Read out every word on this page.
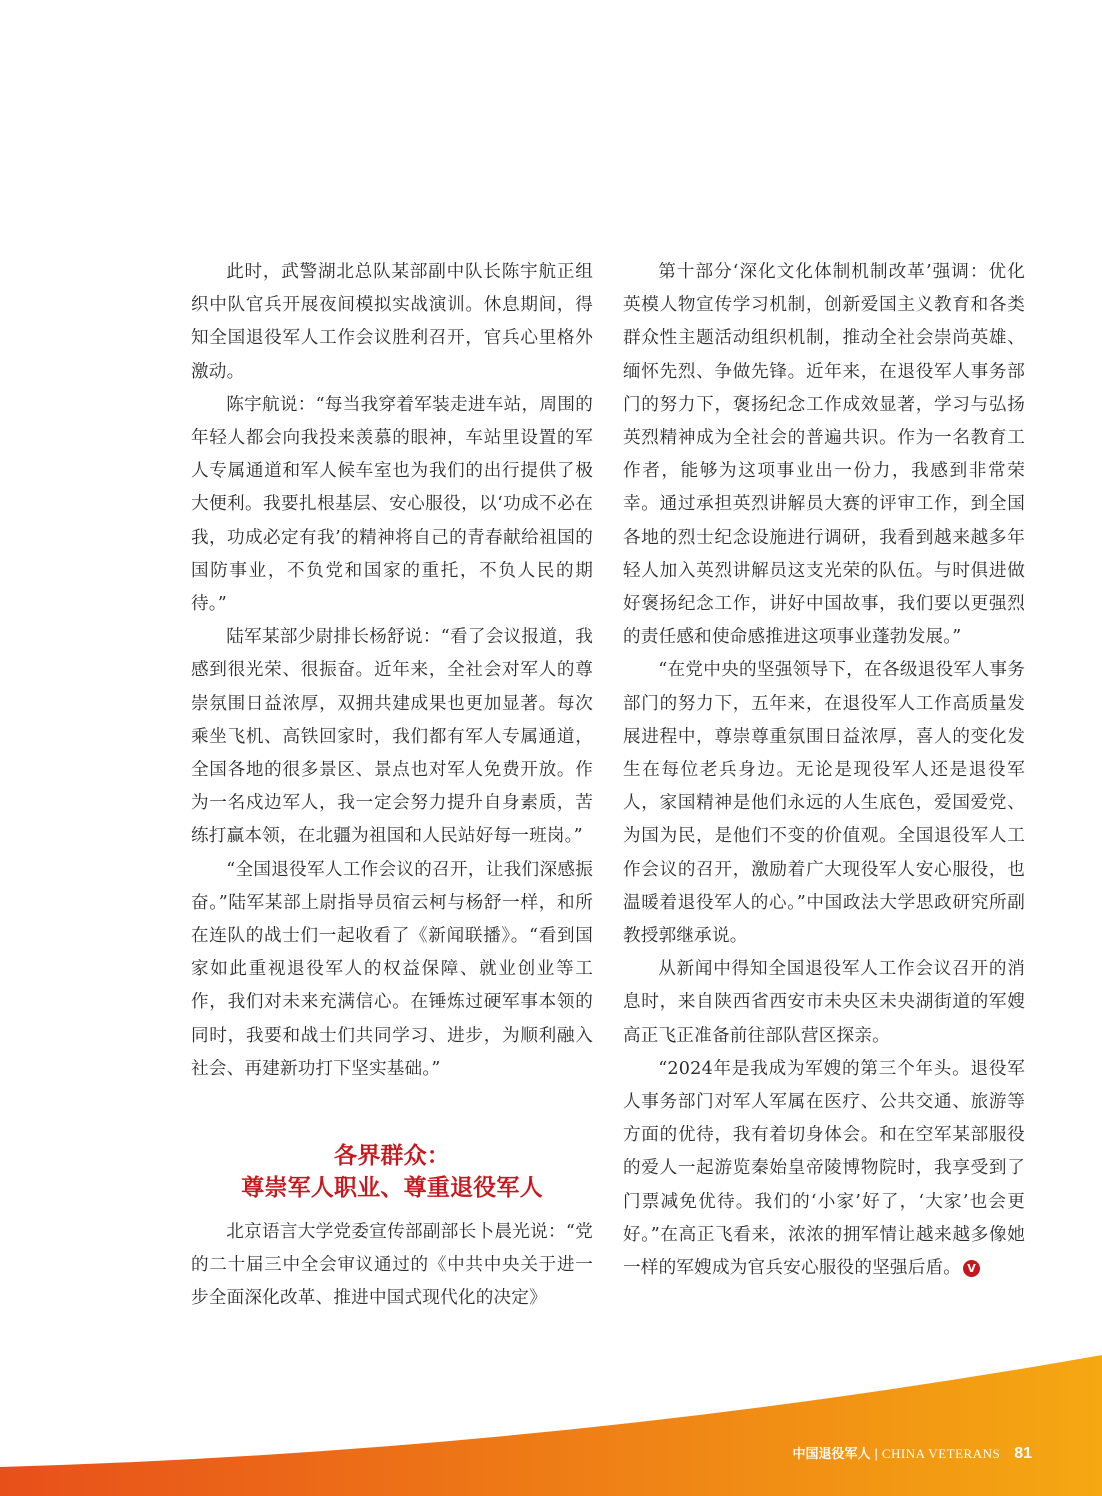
此时，武警湖北总队某部副中队长陈宇航正组织中队官兵开展夜间模拟实战演训。休息期间，得知全国退役军人工作会议胜利召开，官兵心里格外激动。

陈宇航说：“每当我穿着军装走进车站，周围的年轻人都会向我投来羡慕的眼神，车站里设置的军人专属通道和军人候车室也为我们的出行提供了极大便利。我要扎根基层、安心服役，以‘功成不必在我，功成必定有我’的精神将自己的青春献给祖国的国防事业，不负党和国家的重托，不负人民的期待。”

陆军某部少尉排长杨舒说：“看了会议报道，我感到很光荣、很振奋。近年来，全社会对军人的尊崇氛围日益浓厚，双拥共建成果也更加显著。每次乘坐飞机、高铁回家时，我们都有军人专属通道，全国各地的很多景区、景点也对军人免费开放。作为一名戍边军人，我一定会努力提升自身素质，苦练打赢本领，在北疆为祖国和人民站好每一班岗。”

“全国退役军人工作会议的召开，让我们深感振奋。”陆军某部上尉指导员宿云柯与杨舒一样，和所在连队的战士们一起收看了《新闻联播》。“看到国家如此重视退役军人的权益保障、就业创业等工作，我们对未来充满信心。在锤炼过硬军事本领的同时，我要和战士们共同学习、进步，为顺利融入社会、再建新功打下坚实基础。”

各界群众：
尊崇军人职业、尊重退役军人

北京语言大学党委宣传部副部长卜晨光说：“党的二十届三中全会审议通过的《中共中央关于进一步全面深化改革、推进中国式现代化的决定》

第十部分‘深化文化体制机制改革’强调：优化英模人物宣传学习机制，创新爱国主义教育和各类群众性主题活动组织机制，推动全社会崇尚英雄、缅怀先烈、争做先锋。近年来，在退役军人事务部门的努力下，褒扬纪念工作成效显著，学习与弘扬英烈精神成为全社会的普遍共识。作为一名教育工作者，能够为这项事业出一份力，我感到非常荣幸。通过承担英烈讲解员大赛的评审工作，到全国各地的烈士纪念设施进行调研，我看到越来越多年轻人加入英烈讲解员这支光荣的队伍。与时俱进做好褒扬纪念工作，讲好中国故事，我们要以更强烈的责任感和使命感推进这项事业蓬勃发展。”

“在党中央的坚强领导下，在各级退役军人事务部门的努力下，五年来，在退役军人工作高质量发展进程中，尊崇尊重氛围日益浓厚，喜人的变化发生在每位老兵身边。无论是现役军人还是退役军人，家国精神是他们永远的人生底色，爱国爱党、为国为民，是他们不变的价值观。全国退役军人工作会议的召开，激励着广大现役军人安心服役，也温暖着退役军人的心。”中国政法大学思政研究所副教授郭继承说。

从新闻中得知全国退役军人工作会议召开的消息时，来自陕西省西安市未央区未央湖街道的军嫂高正飞正准备前往部队营区探亲。

“2024年是我成为军嫂的第三个年头。退役军人事务部门对军人军属在医疗、公共交通、旅游等方面的优待，我有着切身体会。和在空军某部服役的爱人一起游览秦始皇帝陵博物院时，我享受到了门票减免优待。我们的‘小家’好了，‘大家’也会更好。”在高正飞看来，浓浓的拥军情让越来越多像她一样的军嫂成为官兵安心服役的坚强后盾。 V

中国退役军人 | CHINA VETERANS 81
